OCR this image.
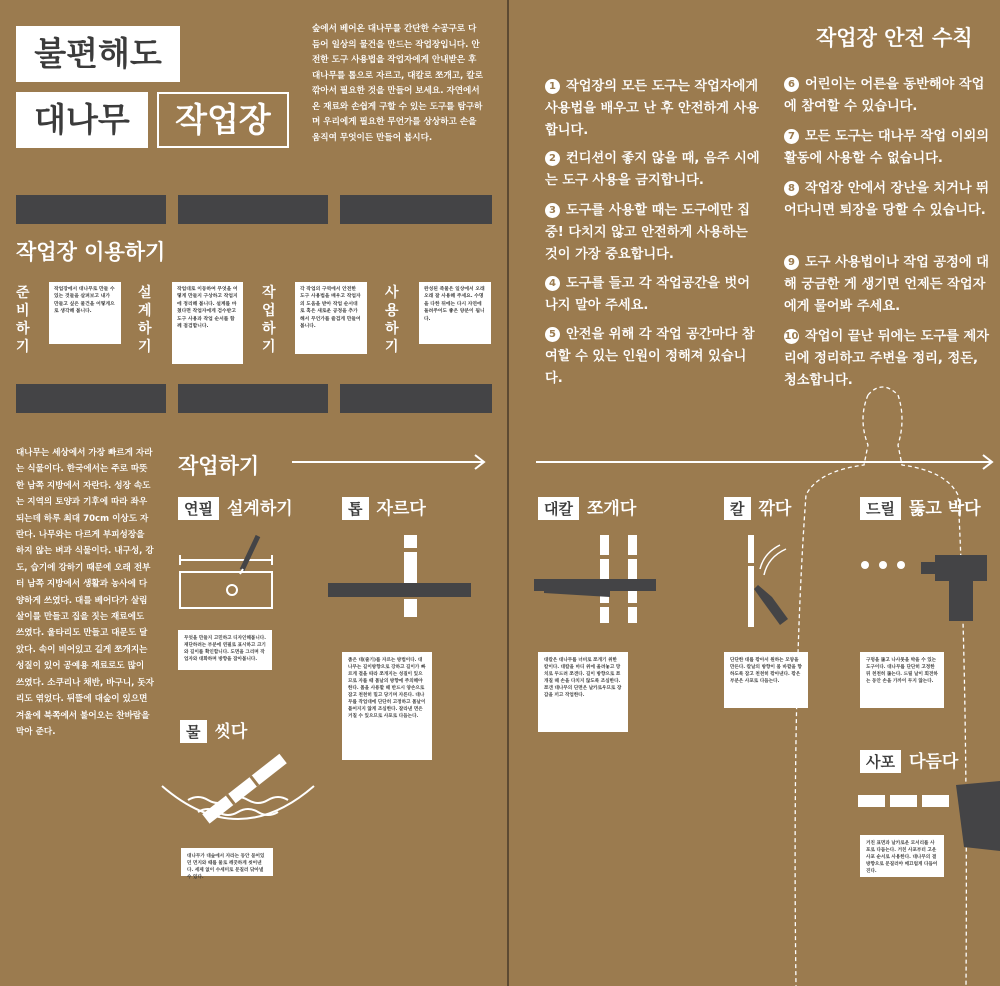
불편해도
대나무	작업장
숲에서 베어온 대나무를 간단한 수공구로 다듬어 일상의 물건을 만드는 작업장입니다. 안전한 도구 사용법을 작업자에게 안내받은 후 대나무를 톱으로 자르고, 대칼로 쪼개고, 칼로 깎아서 필요한 것을 만들어 보세요. 자연에서 온 재료와 손쉽게 구할 수 있는 도구를 탐구하며 우리에게 필요한 무언가를 상상하고 손을 움직여 무엇이든 만들어 봅시다.
작업장 이용하기
준비
하기
작업장에서 대나무로 만들 수 있는 것들을 살펴보고 내가 만들고 싶은 물건을 어떻게으로 생각해 봅니다.
설계
하기
작업대로 이동하여 무엇을 어떻게 만들지 구상하고 작업지에 정리해 봅니다. 설계를 마쳤다면 작업자에게 검수받고 도구 사용과 작업 순서를 함께 점검합니다.
작업
하기
각 작업의 구역에서 안전한 도구 사용법을 배우고 작업자의 도움을 받아 작업 순서대로 혹은 새로운 공정을 추가해서 무언가를 즐겁게 만들어 봅니다.
사용
하기
완성된 죽물은 일상에서 오래오래 잘 사용해 주세요. 수명을 다한 뒤에는 다시 자연에 돌려주어도 좋은 양분이 됩니다.
대나무는 세상에서 가장 빠르게 자라는 식물이다. 한국에서는 주로 따뜻한 남쪽 지방에서 자란다. 성장 속도는 지역의 토양과 기후에 따라 좌우되는데 하루 최대 70cm 이상도 자란다. 나무와는 다르게 부피성장을 하지 않는 벼과 식물이다. 내구성, 강도, 습기에 강하기 때문에 오래 전부터 남쪽 지방에서 생활과 농사에 다양하게 쓰였다. 대를 베어다가 살림살이를 만들고 집을 짓는 재료에도 쓰였다. 울타리도 만들고 대문도 달았다. 속이 비어있고 길게 쪼개지는 성질이 있어 공예용 재료로도 많이 쓰였다. 소쿠리나 채반, 바구니, 돗자리도 엮었다. 뒤뜰에 대숲이 있으면 겨울에 북쪽에서 불어오는 찬바람을 막아 준다.
작업하기
연필 설계하기
무엇을 만들지 고민하고 디자인해봅니다. 재단하려는 부분에 연필로 표시하고 크기와 길이를 확인합니다. 도면을 그리며 작업자와 대화하며 방향을 잡아봅니다.
톱 자르다
좁은 대(줄기)를 자르는 방법이다. 대나무는 길이방향으로 강하고 길이가 빠르게 결을 따라 쪼개지는 성질이 있으므로 자를 때 톱날의 방향에 주의해야 한다. 톱을 사용할 때 반드시 양손으로 잡고 천천히 밀고 당기며 자른다. 대나무를 작업대에 단단히 고정하고 톱날이 틀어지지 않게 조심한다. 잘라낸 면은 거칠 수 있으므로 사포로 다듬는다.
물 씻다
대나무가 대숲에서 자라는 동안 묻어있던 먼지와 때를 물로 깨끗하게 씻어낸다. 세제 없이 수세미로 문질러 닦아낼 수 있다.
작업장 안전 수칙
1 작업장의 모든 도구는 작업자에게 사용법을 배우고 난 후 안전하게 사용합니다.
2 컨디션이 좋지 않을 때, 음주 시에는 도구 사용을 금지합니다.
3 도구를 사용할 때는 도구에만 집중! 다치지 않고 안전하게 사용하는 것이 가장 중요합니다.
4 도구를 들고 각 작업공간을 벗어나지 말아 주세요.
5 안전을 위해 각 작업 공간마다 참여할 수 있는 인원이 정해져 있습니다.
6 어린이는 어른을 동반해야 작업에 참여할 수 있습니다.
7 모든 도구는 대나무 작업 이외의 활동에 사용할 수 없습니다.
8 작업장 안에서 장난을 치거나 뛰어다니면 퇴장을 당할 수 있습니다.
9 도구 사용법이나 작업 공정에 대해 궁금한 게 생기면 언제든 작업자에게 물어봐 주세요.
10 작업이 끝난 뒤에는 도구를 제자리에 정리하고 주변을 정리, 정돈, 청소합니다.
대칼 쪼개다
대칼은 대나무를 너비로 쪼개기 위한 칼이다. 대칼을 마디 위에 올려놓고 망치로 두드려 쪼갠다. 길이 방향으로 쪼개질 때 손을 다치지 않도록 조심한다. 쪼갠 대나무의 단면은 날카로우므로 장갑을 끼고 작업한다.
칼 깎다
단단한 대를 깎아서 원하는 모양을 만든다. 칼날의 방향이 몸 바깥을 향하도록 잡고 천천히 깎아낸다. 깎은 부분은 사포로 다듬는다.
드릴 뚫고 박다
구멍을 뚫고 나사못을 박을 수 있는 도구이다. 대나무를 단단히 고정한 뒤 천천히 뚫는다. 드릴 날이 회전하는 동안 손을 가까이 두지 않는다.
사포 다듬다
거친 표면과 날카로운 모서리를 사포로 다듬는다. 거친 사포부터 고운 사포 순서로 사용한다. 대나무의 결 방향으로 문질러야 매끄럽게 다듬어진다.
